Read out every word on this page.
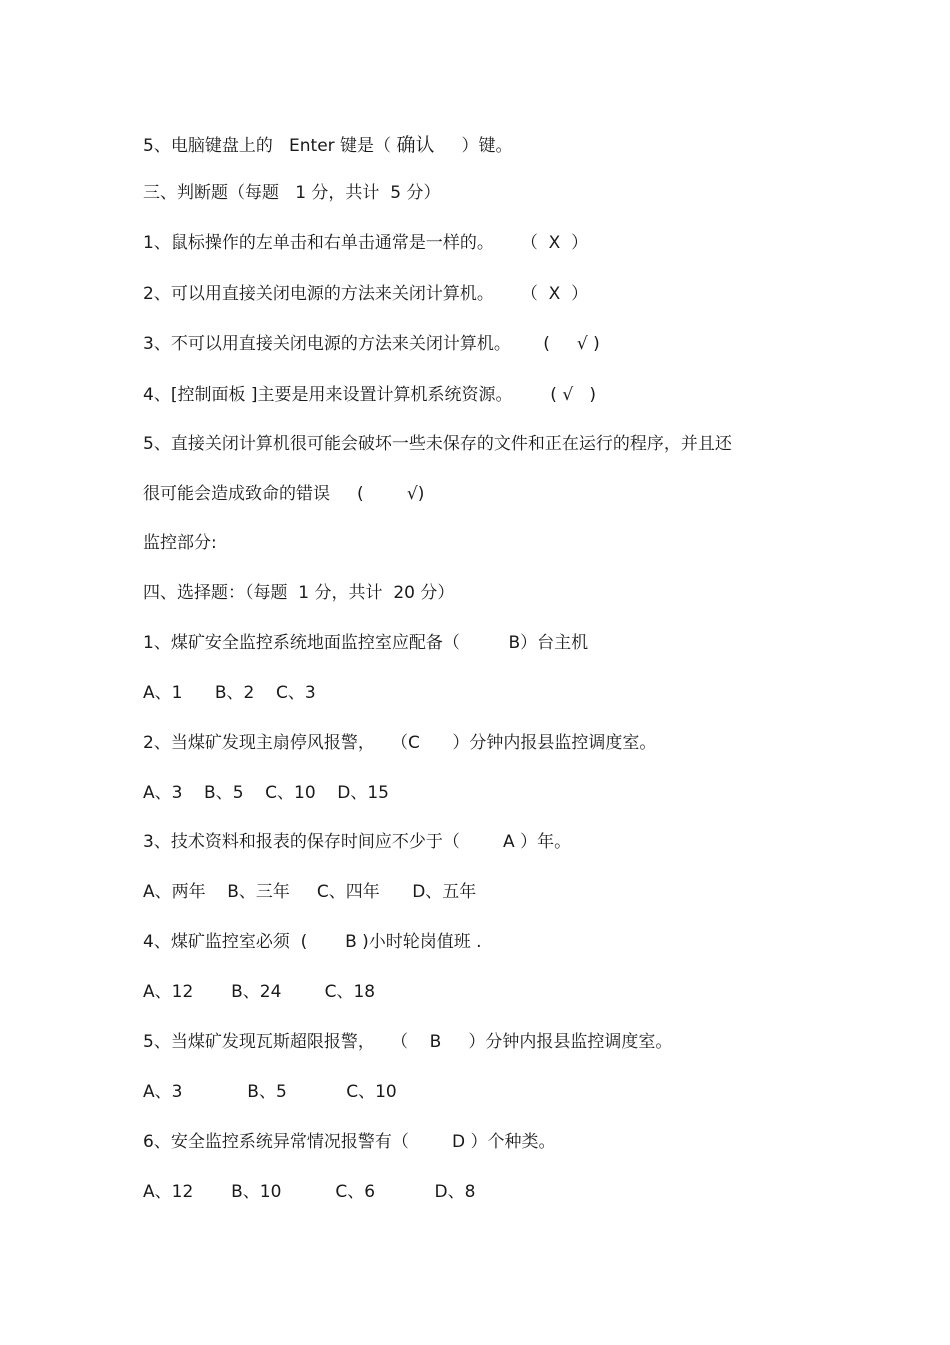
5、电脑键盘上的   Enter 键是（ 确认     ）键。
三、判断题（每题   1 分，共计  5 分）
1、鼠标操作的左单击和右单击通常是一样的。     （  X  ）
2、可以用直接关闭电源的方法来关闭计算机。     （  X  ）
3、不可以用直接关闭电源的方法来关闭计算机。      (     √ )
4、[控制面板 ]主要是用来设置计算机系统资源。       ( √   )
5、直接关闭计算机很可能会破坏一些未保存的文件和正在运行的程序，并且还
很可能会造成致命的错误     (        √)
监控部分:
四、选择题：（每题  1 分，共计  20 分）
1、煤矿安全监控系统地面监控室应配备（         B）台主机
A、1      B、2    C、3
2、当煤矿发现主扇停风报警，   （C      ）分钟内报县监控调度室。
A、3    B、5    C、10    D、15
3、技术资料和报表的保存时间应不少于（        A ）年。
A、两年    B、三年     C、四年      D、五年
4、煤矿监控室必须  (       B )小时轮岗值班 .
A、12       B、24        C、18
5、当煤矿发现瓦斯超限报警，   （    B     ）分钟内报县监控调度室。
A、3            B、5           C、10
6、安全监控系统异常情况报警有（        D ）个种类。
A、12       B、10          C、6           D、8
